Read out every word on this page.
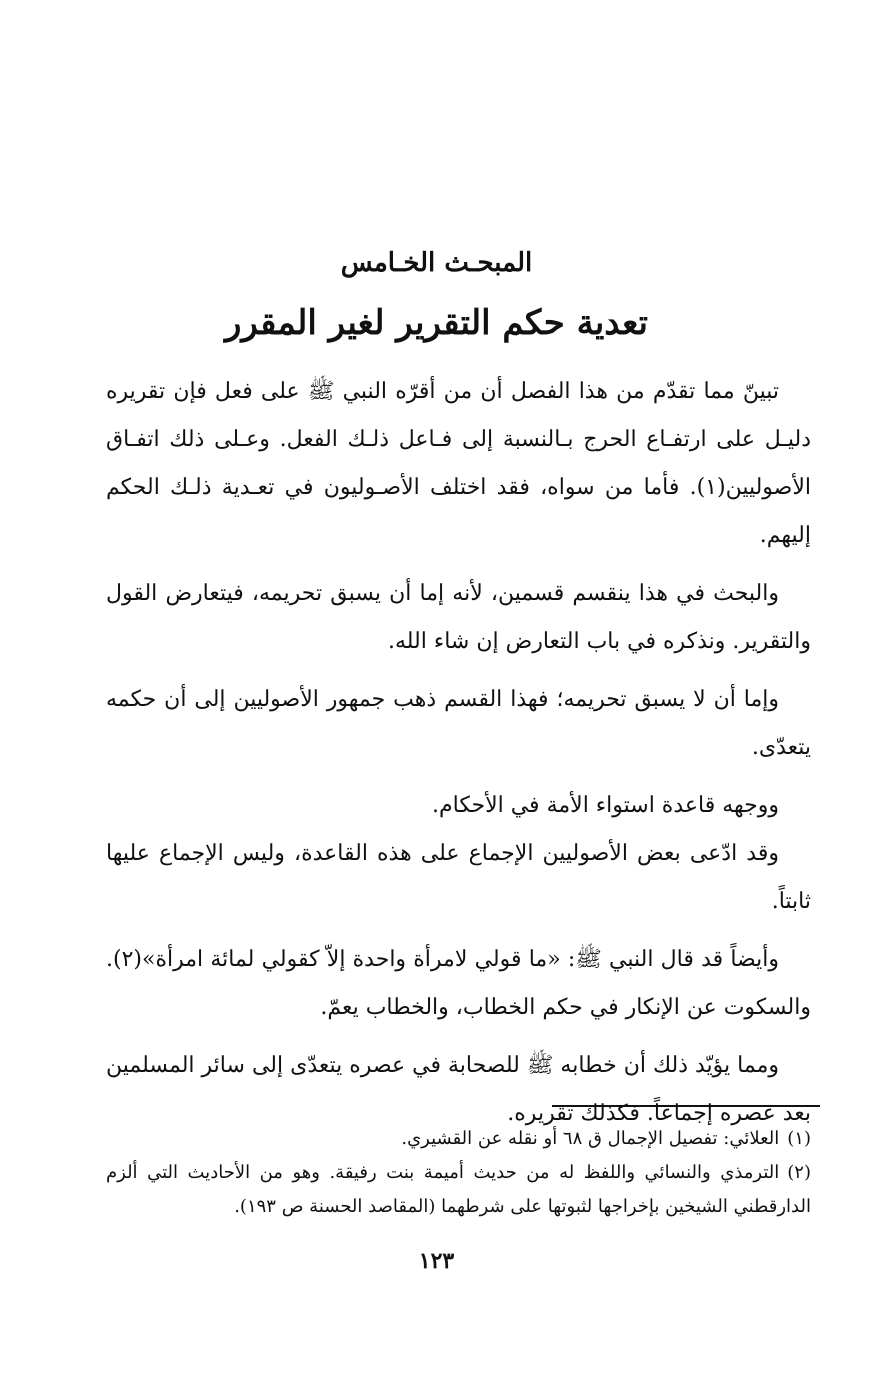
المبحـث الخـامس
تعدية حكم التقرير لغير المقرر

تبينّ مما تقدّم من هذا الفصل أن من أقرّه النبي ﷺ على فعل فإن تقريره دليـل على ارتفـاع الحرج بـالنسبة إلى فـاعل ذلـك الفعل. وعـلى ذلك اتفـاق الأصوليين(١). فأما من سواه، فقد اختلف الأصـوليون في تعـدية ذلـك الحكم إليهم.

والبحث في هذا ينقسم قسمين، لأنه إما أن يسبق تحريمه، فيتعارض القول والتقرير. ونذكره في باب التعارض إن شاء الله.

وإما أن لا يسبق تحريمه؛ فهذا القسم ذهب جمهور الأصوليين إلى أن حكمه يتعدّى.

ووجهه قاعدة استواء الأمة في الأحكام.

وقد ادّعى بعض الأصوليين الإجماع على هذه القاعدة، وليس الإجماع عليها ثابتاً.

وأيضاً قد قال النبي ﷺ: «ما قولي لامرأة واحدة إلاّ كقولي لمائة امرأة»(٢). والسكوت عن الإنكار في حكم الخطاب، والخطاب يعمّ.

ومما يؤيّد ذلك أن خطابه ﷺ للصحابة في عصره يتعدّى إلى سائر المسلمين بعد عصره إجماعاً. فكذلك تقريره.

(١)العلائي: تفصيل الإجمال ق ٦٨ أو نقله عن القشيري.

(٢)الترمذي والنسائي واللفظ له من حديث أميمة بنت رفيقة. وهو من الأحاديث التي ألزم الدارقطني الشيخين بإخراجها لثبوتها على شرطهما (المقاصد الحسنة ص ١٩٣).

١٢٣
